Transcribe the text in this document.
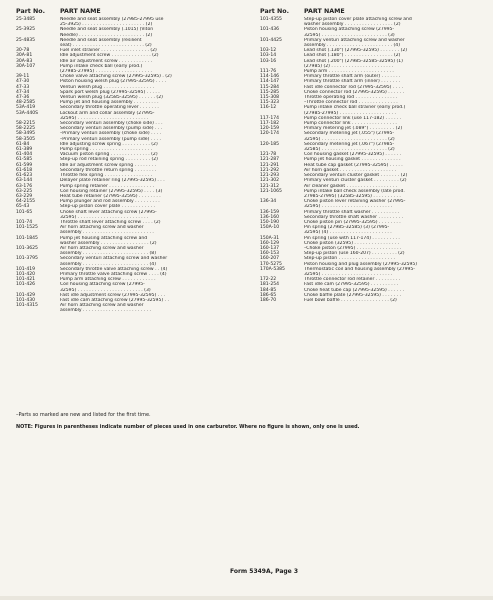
Part No.	PART NAME
25-3485	Needle and seat assembly (27985-27995 use
25-3925) . . . . . . . . . . . . . . . . . . . . . . (2)
25-3925	Needle and seat assembly (.1015) (Viton
Needle) . . . . . . . . . . . . . . . . . . . . . . . (2)
25-4835	Needle and seat assembly (resilient
seat) . . . . . . . . . . . . . . . . . . . . . . . . . (2)
30-78	Fuel inlet strainer . . . . . . . . . . . . . . . . . (2)
30A-81	Idle adjustment screw . . . . . . . . . . . . . . (2)
30A-83	Idle air adjustment screw . . . . . . . . . . . .
30A-107	Pump intake check ball (early prod.)
(27985-27995) . . . . . . . . . . . . . . . . . . . .
39-11	Choke valve attaching screw (27995-32595) . (2)
47-30	Piston housing welsh plug (27995-32595) . . . .
47-33	Venturi welsh plug . . . . . . . . . . . . . . . . . .
47-34	Spark port welsh plug (27995-32595) . . . . .
47-36	Venturi welsh plug (32585-32595) . . . . . . (2)
48-2585	Pump jet and housing assembly . . . . . . . . .
53A-419	Secondary throttle operating lever . . . . . . .
53A-440S	Lockout arm and collar assembly (27995-
32595) . . . . . . . . . . . . . . . . . . . . . . . . .
58-2215	Secondary venturi assembly (choke side) . . .
58-2225	Secondary venturi assembly (pump side) . . .
58-3495	–Primary venturi assembly (choke side) . . . .
58-3505	–Primary venturi assembly (pump side) . . . .
61-84	Idle adjusting screw spring . . . . . . . . . . (2)
61-389	Pump spring . . . . . . . . . . . . . . . . . . . . . .
61-404	Vacuum piston spring . . . . . . . . . . . . . . (2)
61-585	Step-up rod retaining spring . . . . . . . . . (2)
61-599	Idle air adjustment screw spring . . . . . . . .
61-618	Secondary throttle return spring . . . . . . . .
61-623	Throttle flex spring . . . . . . . . . . . . . . . . .
63-144	Delayer plate retainer ring (27995-32595) . . .
63-176	Pump spring retainer . . . . . . . . . . . . . . . .
63-225	Coil housing retainer (27995-32595) . . . . (3)
63-229	Heat tube retainer (27995-32595) . . . . . . . .
64-2155	Pump plunger and rod assembly . . . . . . . . .
65-43	Step-up piston cover plate . . . . . . . . . . . .
101-65	Choke shaft lever attaching screw (27995-
32595) . . . . . . . . . . . . . . . . . . . . . . . . .
101-74	Throttle shaft lever attaching screw . . . . (2)
101-1525	Air horn attaching screw and washer
assembly . . . . . . . . . . . . . . . . . . . . . . . . .
101-1845	Pump jet housing attaching screw and
washer assembly . . . . . . . . . . . . . . . . . (2)
101-3625	Air horn attaching screw and washer
assembly . . . . . . . . . . . . . . . . . . . . . . . (8)
101-3795	Secondary venturi attaching screw and washer
assembly . . . . . . . . . . . . . . . . . . . . . . . (4)
101-419	Secondary throttle valve attaching screw . . (4)
101-420	Primary throttle valve attaching screw . . . . (4)
101-421	Pump arm attaching screw . . . . . . . . . . . .
101-426	Coil housing attaching screw (27995-
32595) . . . . . . . . . . . . . . . . . . . . . . . (3)
101-429	Fast idle adjustment screw (27995-32595) . . .
101-430	Fast idle cam attaching screw (27995-32595) . .
101-4315	Air horn attaching screw and washer
assembly . . . . . . . . . . . . . . . . . . . . . . . .
Part No.	PART NAME
101-4355	Step-up piston cover plate attaching screw and
washer assembly . . . . . . . . . . . . . . . . . (2)
101-436	Piston housing attaching screw (27995-
32595) . . . . . . . . . . . . . . . . . . . . . . . (3)
101-4425	Primary venturi attaching screw and washer
assembly . . . . . . . . . . . . . . . . . . . . . . . (4)
103-12	Lead shot (.130") (27995-32595) . . . . . . . (2)
103-14	Lead shot (.180") . . . . . . . . . . . . . . . . . (2)
103-16	Lead shot (.200") (27985-32585-32595) (1)
(27985) (2) . . . . . . . . . . . . . . . . . . . . . .
111-76	Pump arm . . . . . . . . . . . . . . . . . . . . . . .
114-146	Primary throttle shaft arm (outer) . . . . . . .
114-147	Primary throttle shaft arm (inner) . . . . . . .
115-284	Fast idle connector rod (27995-32595) . . . .
115-285	Choke connector rod (27995-32595) . . . . . .
115-308	Throttle operating rod . . . . . . . . . . . . . . .
115-323	–Throttle connector rod . . . . . . . . . . . . . .
116-12	Pump intake check ball strainer (early prod.)
(27985-27995) . . . . . . . . . . . . . . . . . . . .
117-174	Pump connector link (use 117-182) . . . . . .
117-182	Pump connector link . . . . . . . . . . . . . . . .
120-159	Primary metering jet (.089") . . . . . . . . . (2)
120-174	Secondary metering jet (.055") (27995-
32595) . . . . . . . . . . . . . . . . . . . . . . . (2)
120-185	Secondary metering jet (.067") (27985-
32585) . . . . . . . . . . . . . . . . . . . . . . . (2)
121-78	Coil housing gasket (27995-32595) . . . . . .
121-287	Pump jet housing gasket . . . . . . . . . . . . . .
121-291	Heat tube cap gasket (27995-32595) . . . . .
121-292	Air horn gasket . . . . . . . . . . . . . . . . . . . .
121-293	Secondary venturi cluster gasket . . . . . . . (2)
121-302	Primary venturi cluster gasket . . . . . . . . . (2)
121-312	Air cleaner gasket . . . . . . . . . . . . . . . . . .
121-1065	Pump intake ball check assembly (late prod.
27985-27995) (32585-32595) . . . . . . . . . .
136-34	Choke piston lever retaining washer (27995-
32595) . . . . . . . . . . . . . . . . . . . . . . . . .
136-159	Primary throttle shaft washer . . . . . . . . . .
136-160	Secondary throttle shaft washer . . . . . . . . .
150-190	Choke piston pin (27995-32595) . . . . . . . .
150A-10	Pin spring (27985-32585) (3) (27995-
32595) (4) . . . . . . . . . . . . . . . . . . . . . .
150A-31	Pin spring (use with 117-174) . . . . . . . . . .
160-129	Choke piston (32595) . . . . . . . . . . . . . . . .
160-137	–Choke piston (27995) . . . . . . . . . . . . . . . .
160-153	Step-up piston (use 160-207) . . . . . . . . . (2)
160-207	Step-up piston . . . . . . . . . . . . . . . . . . . .
170-5275	Piston housing and plug assembly (27995-32595)
170A-5385	Thermostatic coil and housing assembly (27995-
32595) . . . . . . . . . . . . . . . . . . . . . . . . .
172-22	Throttle connector rod retainer . . . . . . . . .
181-254	Fast idle cam (27995-32595) . . . . . . . . . .
184-85	Choke heat tube cap (27995-32595) . . . . . .
186-65	Choke baffle plate (27995-32595) . . . . . . .
186-70	Fuel bowl baffle . . . . . . . . . . . . . . . . . (2)
–Parts so marked are new and listed for the first time.
NOTE: Figures in parentheses indicate number of pieces used in one carburetor. Where no figure is shown, only one is used.
Form 5349A, Page 3
